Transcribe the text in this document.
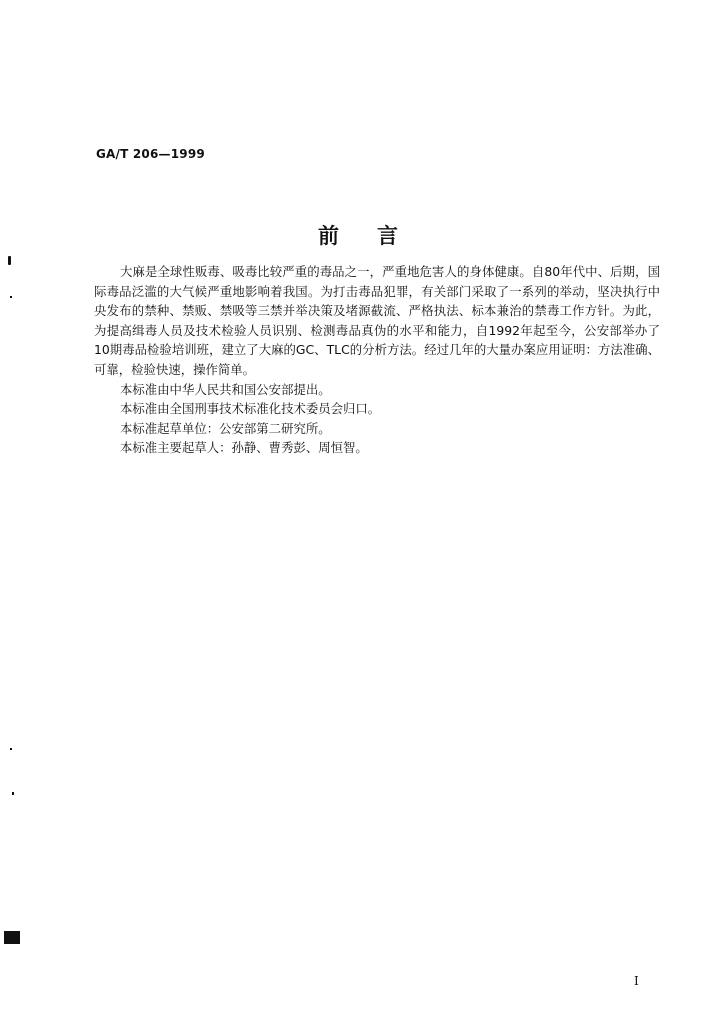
GA/T 206—1999
前言

大麻是全球性贩毒、吸毒比较严重的毒品之一，严重地危害人的身体健康。自80年代中、后期，国际毒品泛滥的大气候严重地影响着我国。为打击毒品犯罪，有关部门采取了一系列的举动，坚决执行中央发布的禁种、禁贩、禁吸等三禁并举决策及堵源截流、严格执法、标本兼治的禁毒工作方针。为此，为提高缉毒人员及技术检验人员识别、检测毒品真伪的水平和能力，自1992年起至今，公安部举办了10期毒品检验培训班，建立了大麻的GC、TLC的分析方法。经过几年的大量办案应用证明：方法准确、可靠，检验快速，操作简单。

本标准由中华人民共和国公安部提出。

本标准由全国刑事技术标准化技术委员会归口。

本标准起草单位：公安部第二研究所。

本标准主要起草人：孙静、曹秀彭、周恒智。

I
